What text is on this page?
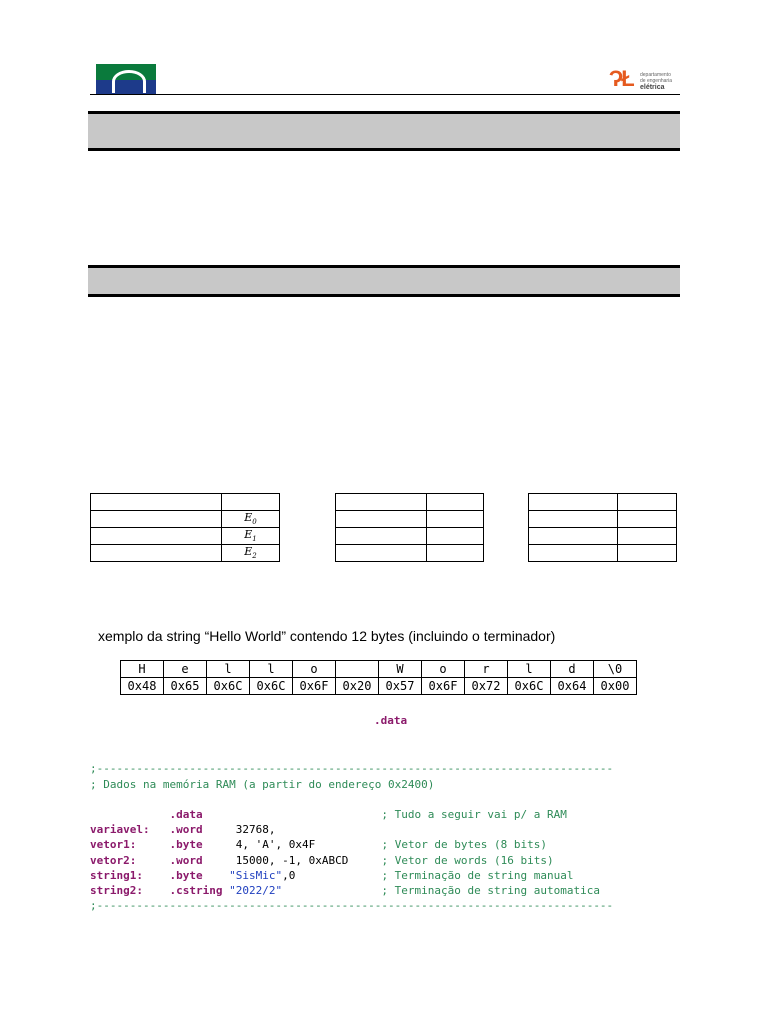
ɁŁ departamento
de engenharia
elétrica

	$E_0$
	$E_1$
	$E_2$

xemplo da string “Hello World” contendo 12 bytes (incluindo o terminador)
H	e	l	l	o		W	o	r	l	d	\0
0x48	0x65	0x6C	0x6C	0x6F	0x20	0x57	0x6F	0x72	0x6C	0x64	0x00
.data
;------------------------------------------------------------------------------
; Dados na memória RAM (a partir do endereço 0x2400)
.data	; Tudo a seguir vai p/ a RAM
variavel:   .word	32768,
vetor1:     .byte	4, 'A', 0x4F	; Vetor de bytes (8 bits)
vetor2:     .word	15000, -1, 0xABCD	; Vetor de words (16 bits)
string1:    .byte "SisMic",0	; Terminação de string manual
string2:    .cstring "2022/2"	; Terminação de string automatica
;------------------------------------------------------------------------------
